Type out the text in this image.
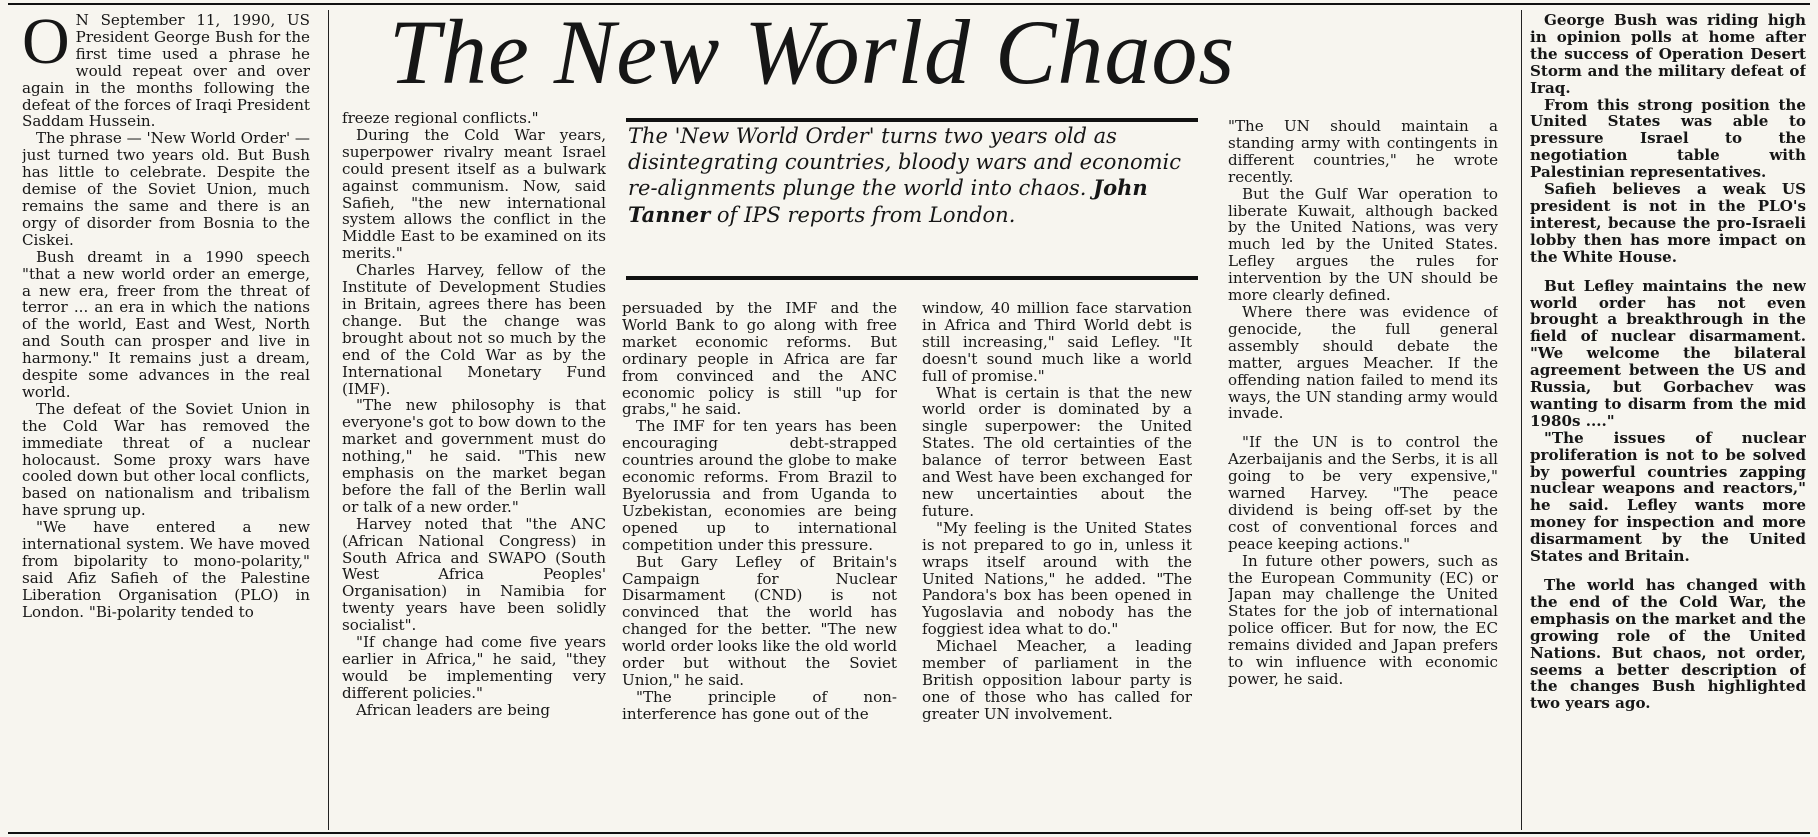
The New World Chaos
The 'New World Order' turns two years old as disintegrating countries, bloody wars and economic re-alignments plunge the world into chaos. John Tanner of IPS reports from London.
O N September 11, 1990, US President George Bush for the first time used a phrase he would repeat over and over again in the months following the defeat of the forces of Iraqi President Saddam Hussein.

The phrase — 'New World Order' — just turned two years old. But Bush has little to celebrate. Despite the demise of the Soviet Union, much remains the same and there is an orgy of disorder from Bosnia to the Ciskei.

Bush dreamt in a 1990 speech "that a new world order an emerge, a new era, freer from the threat of terror ... an era in which the nations of the world, East and West, North and South can prosper and live in harmony." It remains just a dream, despite some advances in the real world.

The defeat of the Soviet Union in the Cold War has removed the immediate threat of a nuclear holocaust. Some proxy wars have cooled down but other local conflicts, based on nationalism and tribalism have sprung up.

"We have entered a new international system. We have moved from bipolarity to mono-polarity," said Afiz Safieh of the Palestine Liberation Organisation (PLO) in London. "Bi-polarity tended to

freeze regional conflicts."

During the Cold War years, superpower rivalry meant Israel could present itself as a bulwark against communism. Now, said Safieh, "the new international system allows the conflict in the Middle East to be examined on its merits."

Charles Harvey, fellow of the Institute of Development Studies in Britain, agrees there has been change. But the change was brought about not so much by the end of the Cold War as by the International Monetary Fund (IMF).

"The new philosophy is that everyone's got to bow down to the market and government must do nothing," he said. "This new emphasis on the market began before the fall of the Berlin wall or talk of a new order."

Harvey noted that "the ANC (African National Congress) in South Africa and SWAPO (South West Africa Peoples' Organisation) in Namibia for twenty years have been solidly socialist".

"If change had come five years earlier in Africa," he said, "they would be implementing very different policies."

African leaders are being

persuaded by the IMF and the World Bank to go along with free market economic reforms. But ordinary people in Africa are far from convinced and the ANC economic policy is still "up for grabs," he said.

The IMF for ten years has been encouraging debt-strapped countries around the globe to make economic reforms. From Brazil to Byelorussia and from Uganda to Uzbekistan, economies are being opened up to international competition under this pressure.

But Gary Lefley of Britain's Campaign for Nuclear Disarmament (CND) is not convinced that the world has changed for the better. "The new world order looks like the old world order but without the Soviet Union," he said.

"The principle of non-interference has gone out of the

window, 40 million face starvation in Africa and Third World debt is still increasing," said Lefley. "It doesn't sound much like a world full of promise."

What is certain is that the new world order is dominated by a single superpower: the United States. The old certainties of the balance of terror between East and West have been exchanged for new uncertainties about the future.

"My feeling is the United States is not prepared to go in, unless it wraps itself around with the United Nations," he added. "The Pandora's box has been opened in Yugoslavia and nobody has the foggiest idea what to do."

Michael Meacher, a leading member of parliament in the British opposition labour party is one of those who has called for greater UN involvement.

"The UN should maintain a standing army with contingents in different countries," he wrote recently.

But the Gulf War operation to liberate Kuwait, although backed by the United Nations, was very much led by the United States. Lefley argues the rules for intervention by the UN should be more clearly defined.

Where there was evidence of genocide, the full general assembly should debate the matter, argues Meacher. If the offending nation failed to mend its ways, the UN standing army would invade.

"If the UN is to control the Azerbaijanis and the Serbs, it is all going to be very expensive," warned Harvey. "The peace dividend is being off-set by the cost of conventional forces and peace keeping actions."

In future other powers, such as the European Community (EC) or Japan may challenge the United States for the job of international police officer. But for now, the EC remains divided and Japan prefers to win influence with economic power, he said.

George Bush was riding high in opinion polls at home after the success of Operation Desert Storm and the military defeat of Iraq.

From this strong position the United States was able to pressure Israel to the negotiation table with Palestinian representatives.

Safieh believes a weak US president is not in the PLO's interest, because the pro-Israeli lobby then has more impact on the White House.

But Lefley maintains the new world order has not even brought a breakthrough in the field of nuclear disarmament. "We welcome the bilateral agreement between the US and Russia, but Gorbachev was wanting to disarm from the mid 1980s ...."

"The issues of nuclear proliferation is not to be solved by powerful countries zapping nuclear weapons and reactors," he said. Lefley wants more money for inspection and more disarmament by the United States and Britain.

The world has changed with the end of the Cold War, the emphasis on the market and the growing role of the United Nations. But chaos, not order, seems a better description of the changes Bush highlighted two years ago.
